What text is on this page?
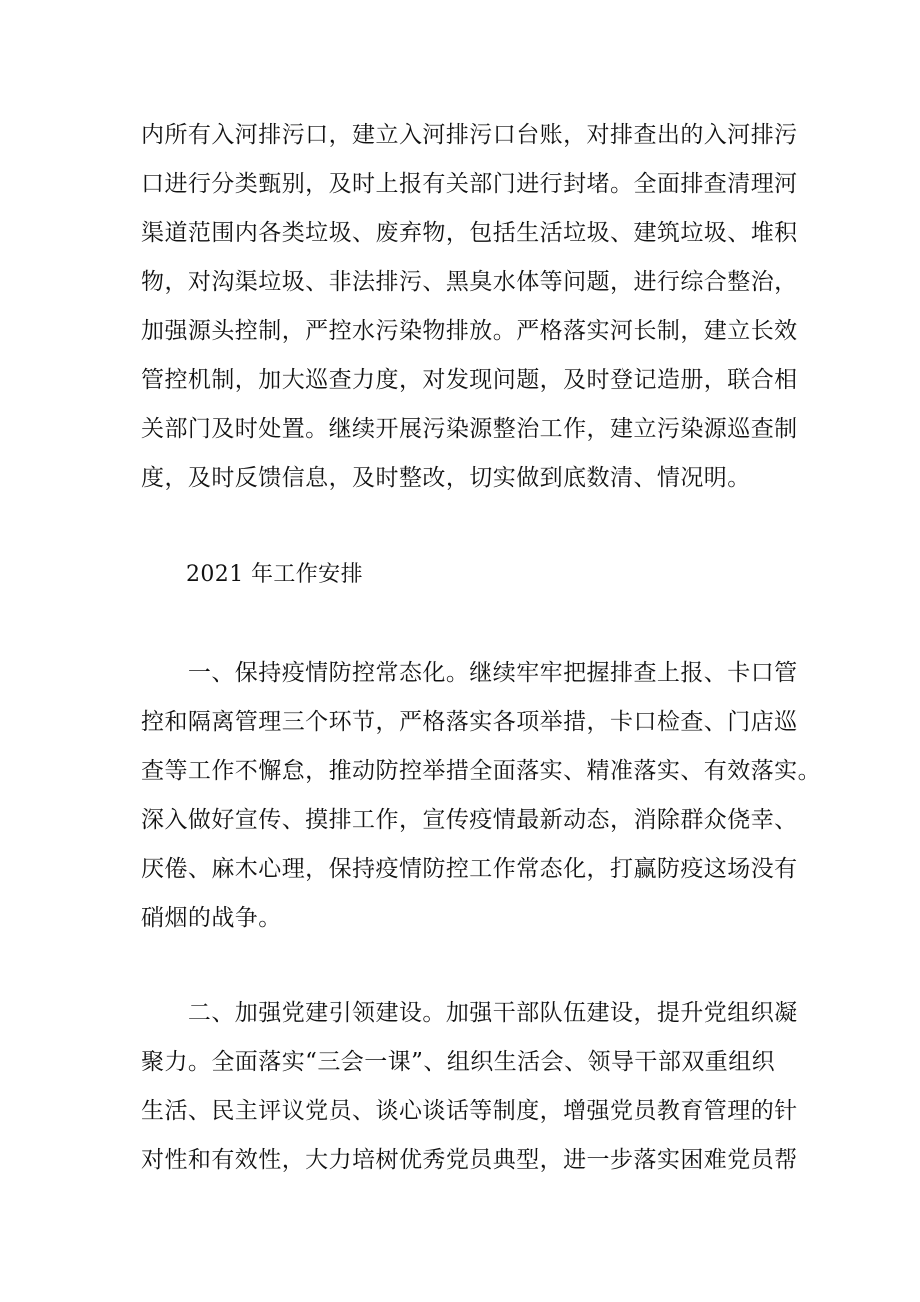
内所有入河排污口，建立入河排污口台账，对排查出的入河排污
口进行分类甄别，及时上报有关部门进行封堵。全面排查清理河
渠道范围内各类垃圾、废弃物，包括生活垃圾、建筑垃圾、堆积
物，对沟渠垃圾、非法排污、黑臭水体等问题，进行综合整治，
加强源头控制，严控水污染物排放。严格落实河长制，建立长效
管控机制，加大巡查力度，对发现问题，及时登记造册，联合相
关部门及时处置。继续开展污染源整治工作，建立污染源巡查制
度，及时反馈信息，及时整改，切实做到底数清、情况明。
2021 年工作安排
　　一、保持疫情防控常态化。继续牢牢把握排查上报、卡口管
控和隔离管理三个环节，严格落实各项举措，卡口检查、门店巡
查等工作不懈怠，推动防控举措全面落实、精准落实、有效落实。
深入做好宣传、摸排工作，宣传疫情最新动态，消除群众侥幸、
厌倦、麻木心理，保持疫情防控工作常态化，打赢防疫这场没有
硝烟的战争。
　　二、加强党建引领建设。加强干部队伍建设，提升党组织凝
聚力。全面落实“三会一课”、组织生活会、领导干部双重组织
生活、民主评议党员、谈心谈话等制度，增强党员教育管理的针
对性和有效性，大力培树优秀党员典型，进一步落实困难党员帮
